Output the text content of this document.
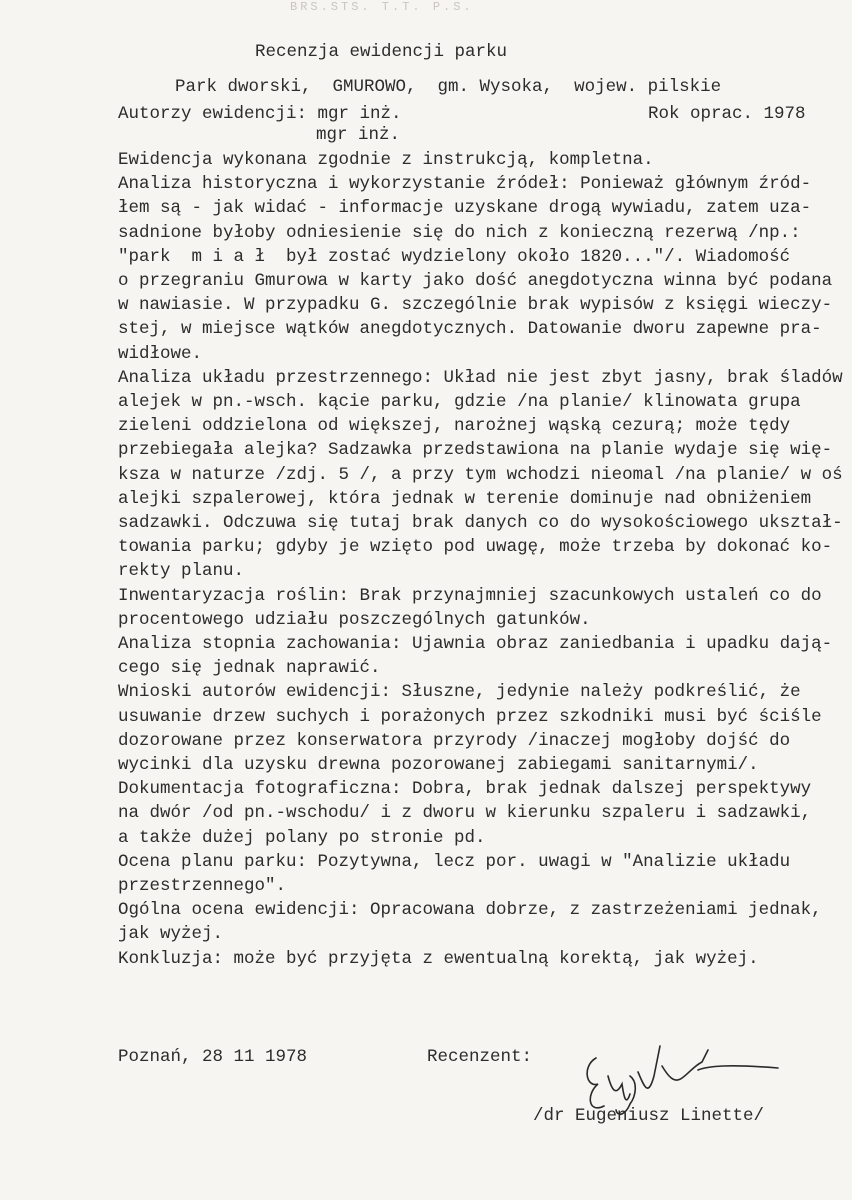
BRS.STS. T.T. P.S.
Recenzja ewidencji parku
Park dworski,  GMUROWO,  gm. Wysoka,  wojew. pilskie
Autorzy ewidencji: mgr inż.	Rok oprac. 1978
mgr inż.
Ewidencja wykonana zgodnie z instrukcją, kompletna.
Analiza historyczna i wykorzystanie źródeł: Ponieważ głównym źród-
łem są - jak widać - informacje uzyskane drogą wywiadu, zatem uza-
sadnione byłoby odniesienie się do nich z konieczną rezerwą /np.:
"park  m i a ł  był zostać wydzielony około 1820..."/. Wiadomość
o przegraniu Gmurowa w karty jako dość anegdotyczna winna być podana
w nawiasie. W przypadku G. szczególnie brak wypisów z księgi wieczy-
stej, w miejsce wątków anegdotycznych. Datowanie dworu zapewne pra-
widłowe.
Analiza układu przestrzennego: Układ nie jest zbyt jasny, brak śladów
alejek w pn.-wsch. kącie parku, gdzie /na planie/ klinowata grupa
zieleni oddzielona od większej, narożnej wąską cezurą; może tędy
przebiegała alejka? Sadzawka przedstawiona na planie wydaje się wię-
ksza w naturze /zdj. 5 /, a przy tym wchodzi nieomal /na planie/ w oś
alejki szpalerowej, która jednak w terenie dominuje nad obniżeniem
sadzawki. Odczuwa się tutaj brak danych co do wysokościowego ukształ-
towania parku; gdyby je wzięto pod uwagę, może trzeba by dokonać ko-
rekty planu.
Inwentaryzacja roślin: Brak przynajmniej szacunkowych ustaleń co do
procentowego udziału poszczególnych gatunków.
Analiza stopnia zachowania: Ujawnia obraz zaniedbania i upadku dają-
cego się jednak naprawić.
Wnioski autorów ewidencji: Słuszne, jedynie należy podkreślić, że
usuwanie drzew suchych i porażonych przez szkodniki musi być ściśle
dozorowane przez konserwatora przyrody /inaczej mogłoby dojść do
wycinki dla uzysku drewna pozorowanej zabiegami sanitarnymi/.
Dokumentacja fotograficzna: Dobra, brak jednak dalszej perspektywy
na dwór /od pn.-wschodu/ i z dworu w kierunku szpaleru i sadzawki,
a także dużej polany po stronie pd.
Ocena planu parku: Pozytywna, lecz por. uwagi w "Analizie układu
przestrzennego".
Ogólna ocena ewidencji: Opracowana dobrze, z zastrzeżeniami jednak,
jak wyżej.
Konkluzja: może być przyjęta z ewentualną korektą, jak wyżej.
Poznań, 28 11 1978	Recenzent:
/dr Eugeniusz Linette/
